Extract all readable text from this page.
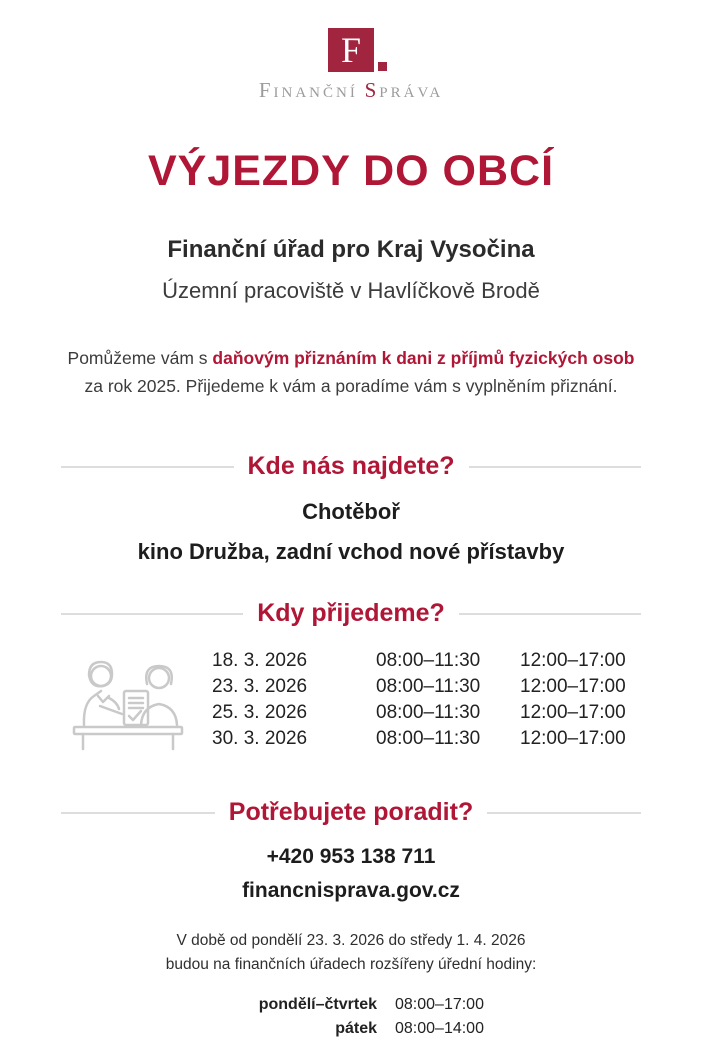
F
FINANČNÍ SPRÁVA
VÝJEZDY DO OBCÍ

Finanční úřad pro Kraj Vysočina

Územní pracoviště v Havlíčkově Brodě

Pomůžeme vám s daňovým přiznáním k dani z příjmů fyzických osob
za rok 2025. Přijedeme k vám a poradíme vám s vyplněním přiznání.

Kde nás najdete?

Chotěboř

kino Družba, zadní vchod nové přístavby

Kdy přijedeme?
18. 3. 2026	08:00–11:30	12:00–17:00
23. 3. 2026	08:00–11:30	12:00–17:00
25. 3. 2026	08:00–11:30	12:00–17:00
30. 3. 2026	08:00–11:30	12:00–17:00
Potřebujete poradit?

+420 953 138 711

financnisprava.gov.cz

V době od pondělí 23. 3. 2026 do středy 1. 4. 2026
budou na finančních úřadech rozšířeny úřední hodiny:

pondělí–čtvrtek 08:00–17:00
pátek 08:00–14:00
